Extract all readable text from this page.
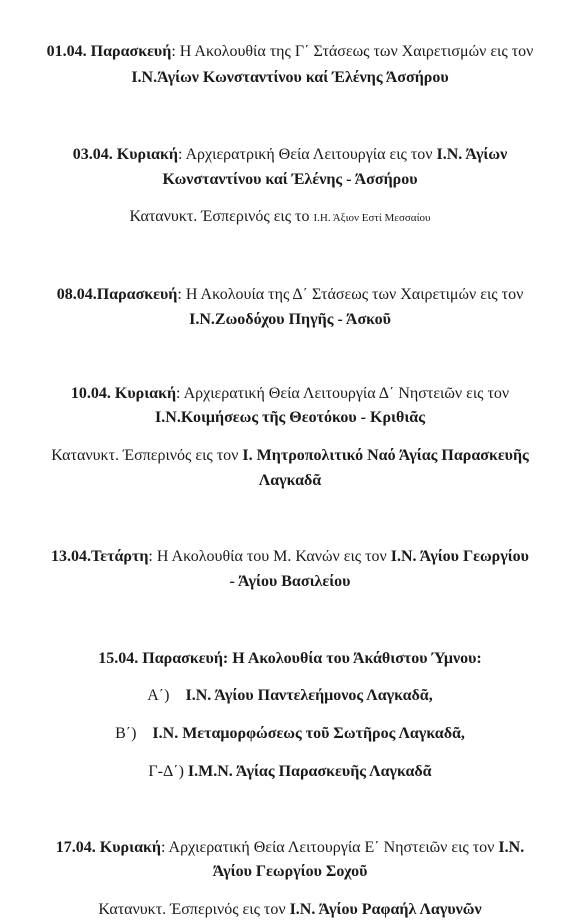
01.04. Παρασκευή: Η Ακολουθία της Γ΄ Στάσεως των Χαιρετισμών εις τον
Ι.Ν.Άγίων Κωνσταντίνου καί Έλένης Άσσήρου
03.04. Κυριακή: Αρχιερατρική Θεία Λειτουργία εις τον Ι.Ν. Άγίων
Κωνσταντίνου καί Έλένης - Άσσήρου
Κατανυκτ. Έσπερινός εις το Ι.Η. Άξιον Εστί Μεσσαίου
08.04.Παρασκευή: Η Ακολουία της Δ΄ Στάσεως των Χαιρετιμών εις τον
Ι.Ν.Ζωοδόχου Πηγῆς - Άσκοῦ
10.04. Κυριακή: Αρχιερατική Θεία Λειτουργία Δ΄ Νηστειῶν εις τον
Ι.Ν.Κοιμήσεως τῆς Θεοτόκου - Κριθιᾶς
Κατανυκτ. Έσπερινός εις τον Ι. Μητροπολιτικό Ναό Άγίας Παρασκευῆς
Λαγκαδᾶ
13.04.Τετάρτη: Η Ακολουθία του Μ. Κανών εις τον Ι.Ν. Άγίου Γεωργίου
- Άγίου Βασιλείου
15.04. Παρασκευή: Η Ακολουθία του Άκάθιστου Ύμνου:
Α΄) Ι.Ν. Άγίου Παντελεήμονος Λαγκαδᾶ,
Β΄) Ι.Ν. Μεταμορφώσεως τοῦ Σωτῆρος Λαγκαδᾶ,
Γ-Δ΄) Ι.Μ.Ν. Άγίας Παρασκευῆς Λαγκαδᾶ
17.04. Κυριακή: Αρχιερατική Θεία Λειτουργία Ε΄ Νηστειῶν εις τον Ι.Ν.
Άγίου Γεωργίου Σοχοῦ
Κατανυκτ. Έσπερινός εις τον Ι.Ν. Άγίου Ραφαήλ Λαγυνῶν
